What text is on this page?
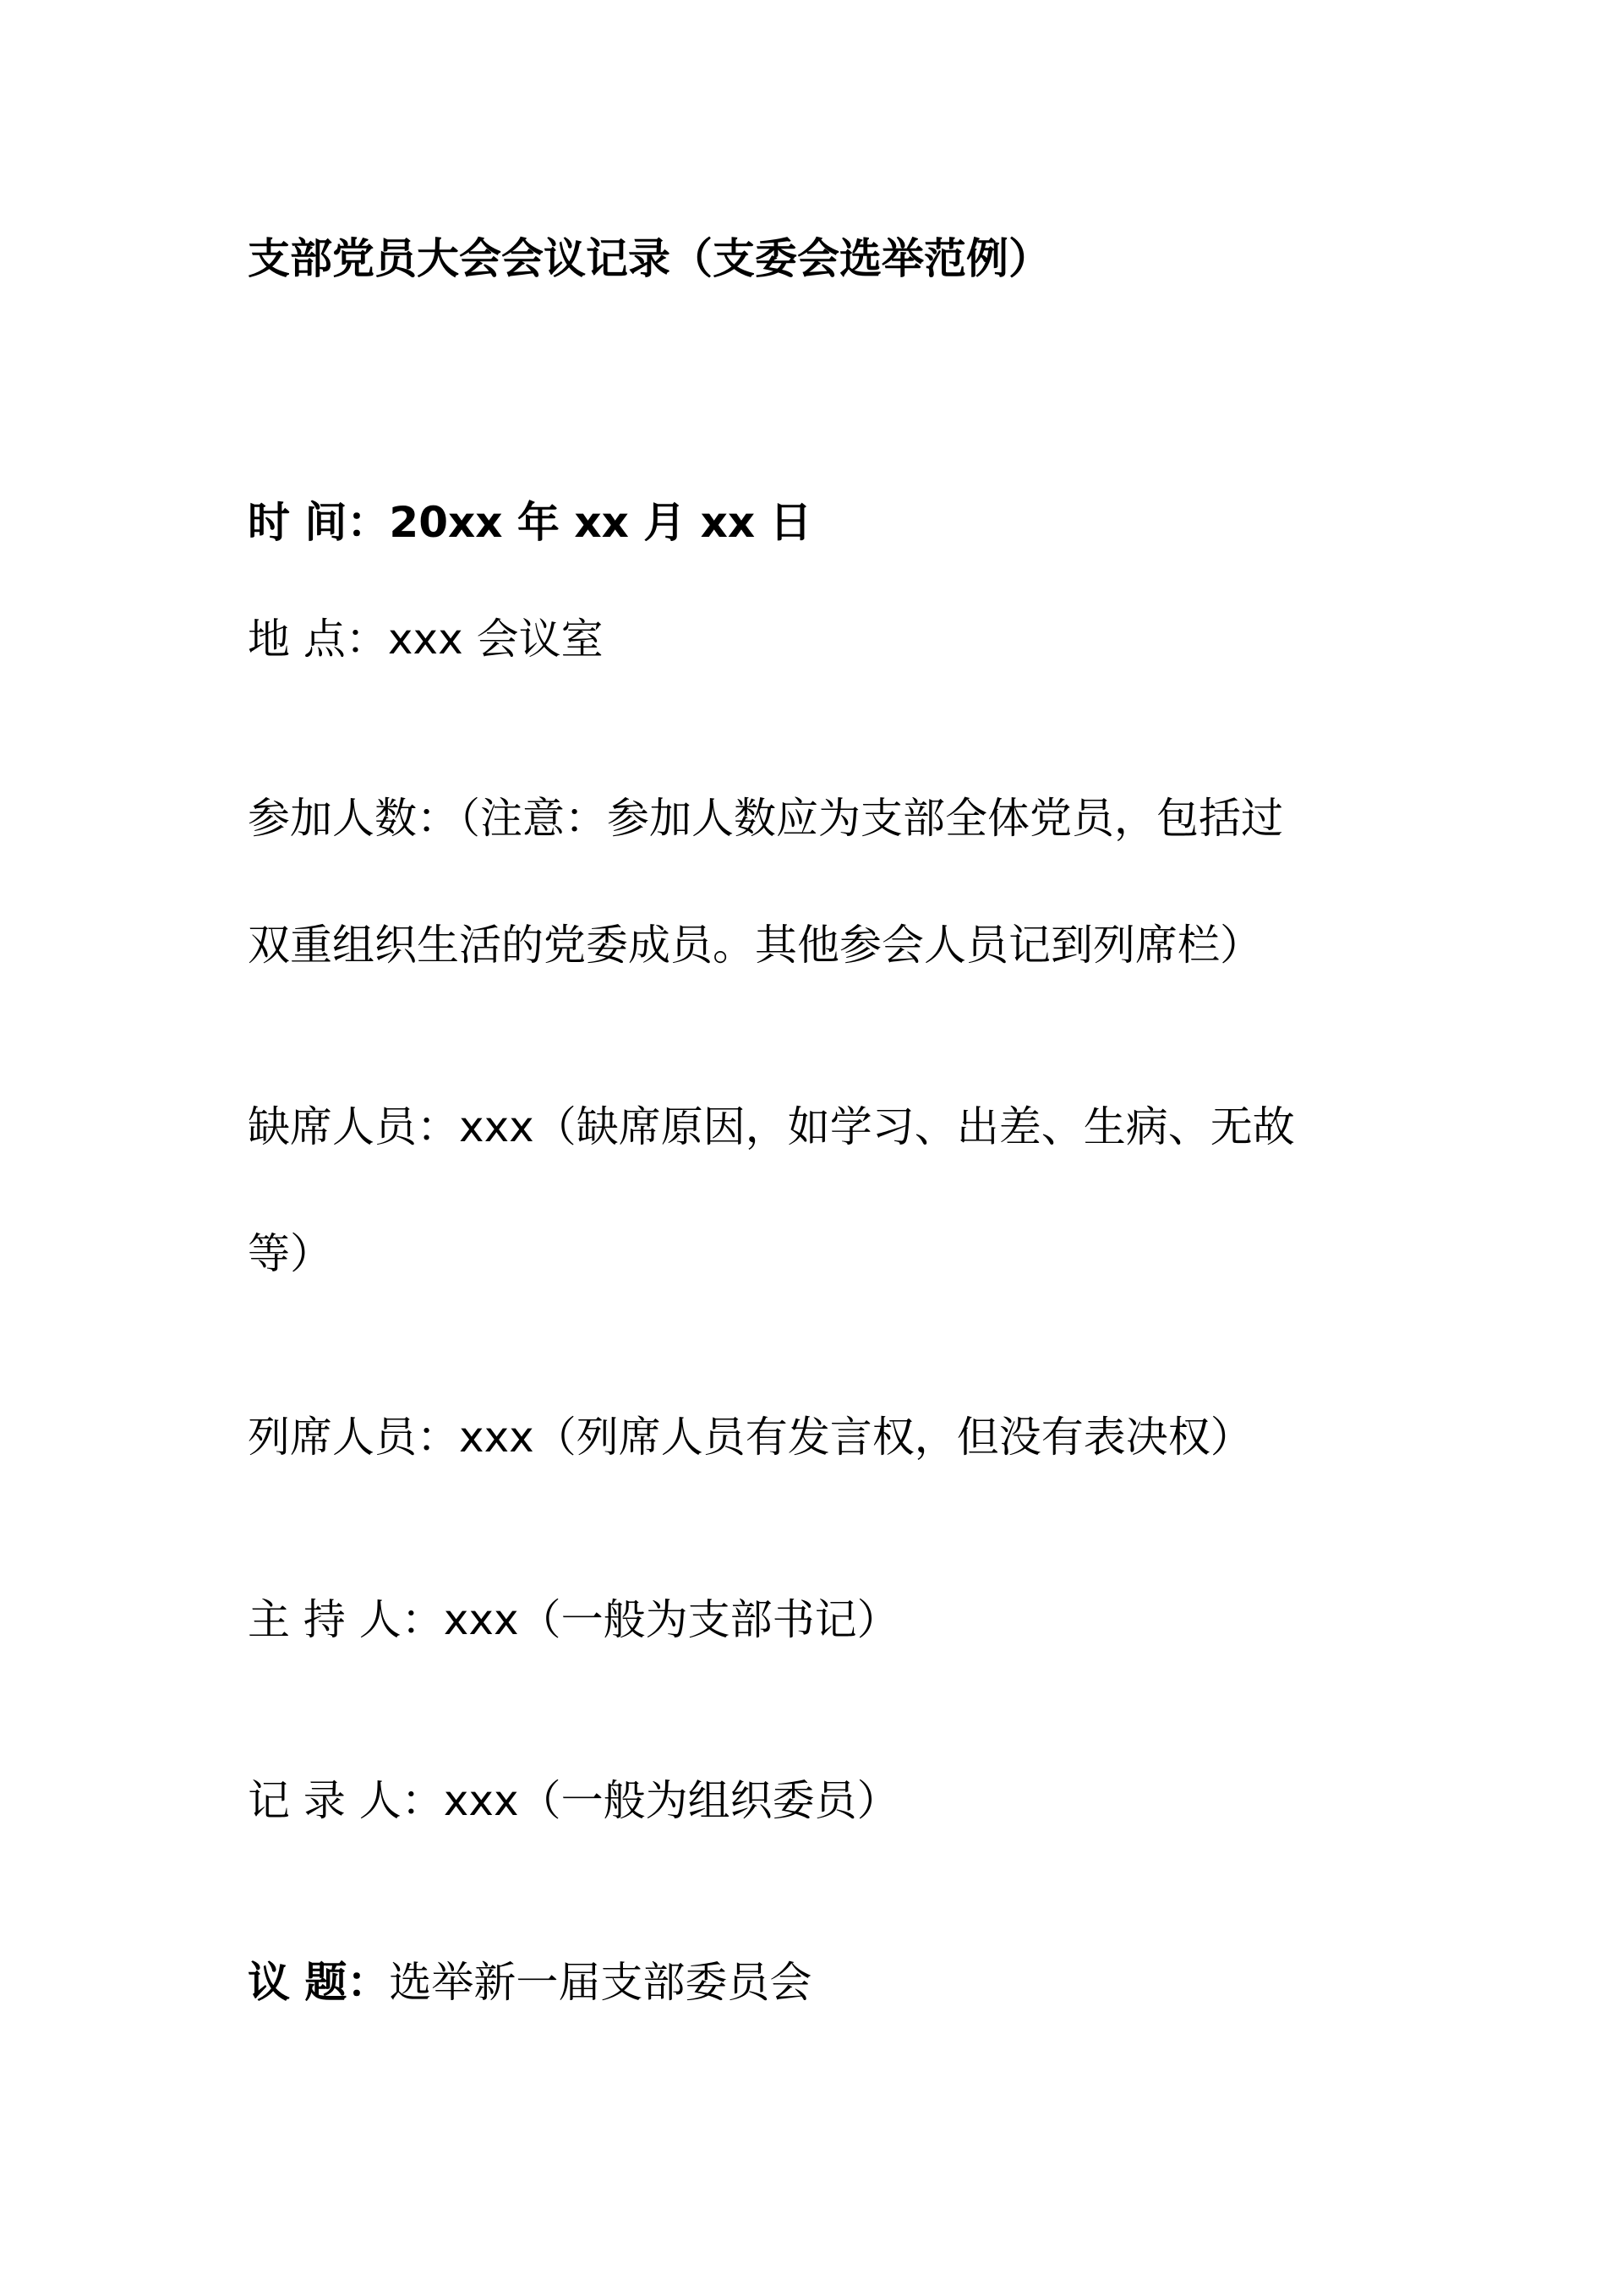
支部党员大会会议记录（支委会选举范例）
时 间：20xx 年 xx 月 xx 日
地 点：xxx 会议室
参加人数：（注意：参加人数应为支部全体党员，包括过
双重组织生活的党委成员。其他参会人员记到列席栏）
缺席人员：xxx（缺席原因，如学习、出差、生病、无故
等）
列席人员：xxx（列席人员有发言权，但没有表决权）
主 持 人：xxx（一般为支部书记）
记 录 人：xxx（一般为组织委员）
议 题：选举新一届支部委员会
